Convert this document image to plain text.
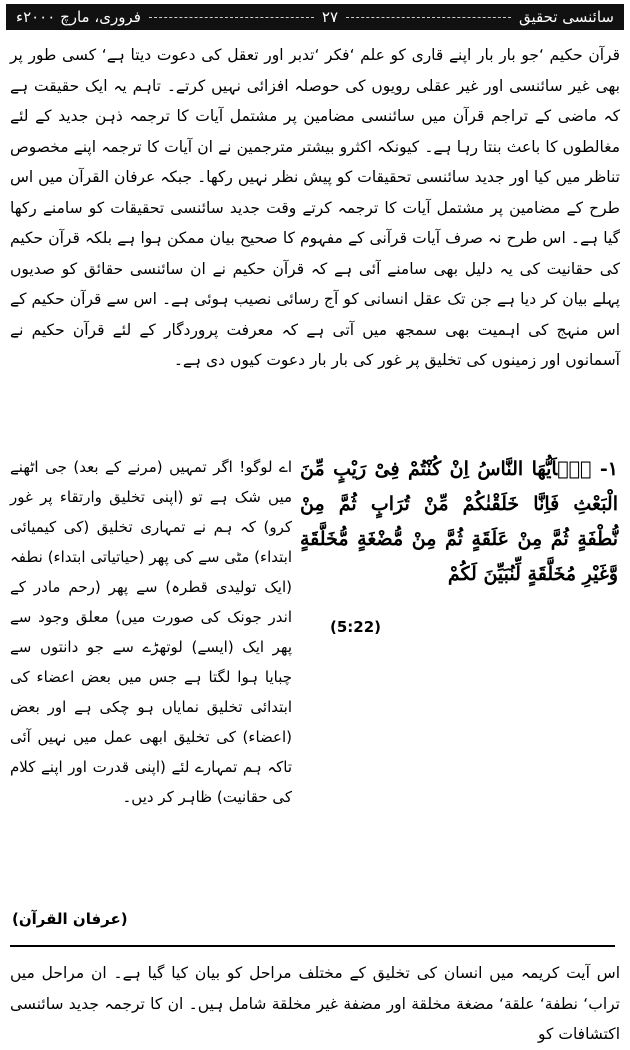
سائنسی تحقیق
۲۷
فروری، مارچ ۲۰۰۰ء
قرآن حکیم ‘جو بار بار اپنے قاری کو علم ‘فکر ‘تدبر اور تعقل کی دعوت دیتا ہے‘ کسی طور پر بھی غیر سائنسی اور غیر عقلی رویوں کی حوصلہ افزائی نہیں کرتے۔ تاہم یہ ایک حقیقت ہے کہ ماضی کے تراجم قرآن میں سائنسی مضامین پر مشتمل آیات کا ترجمہ ذہن جدید کے لئے مغالطوں کا باعث بنتا رہا ہے۔ کیونکہ اکثرو بیشتر مترجمین نے ان آیات کا ترجمہ اپنے مخصوص تناظر میں کیا اور جدید سائنسی تحقیقات کو پیش نظر نہیں رکھا۔ جبکہ عرفان القرآن میں اس طرح کے مضامین پر مشتمل آیات کا ترجمہ کرتے وقت جدید سائنسی تحقیقات کو سامنے رکھا گیا ہے۔ اس طرح نہ صرف آیات قرآنی کے مفہوم کا صحیح بیان ممکن ہوا ہے بلکہ قرآن حکیم کی حقانیت کی یہ دلیل بھی سامنے آئی ہے کہ قرآن حکیم نے ان سائنسی حقائق کو صدیوں پہلے بیان کر دیا ہے جن تک عقل انسانی کو آج رسائی نصیب ہوئی ہے۔ اس سے قرآن حکیم کے اس منہج کی اہمیت بھی سمجھ میں آتی ہے کہ معرفت پروردگار کے لئے قرآن حکیم نے آسمانوں اور زمینوں کی تخلیق پر غور کی بار بار دعوت کیوں دی ہے۔
۱- يٰۤاَيُّهَا النَّاسُ اِنْ كُنْتُمْ فِیْ رَيْبٍ مِّنَ الْبَعْثِ فَاِنَّا خَلَقْنٰكُمْ مِّنْ تُرَابٍ ثُمَّ مِنْ نُّطْفَةٍ ثُمَّ مِنْ عَلَقَةٍ ثُمَّ مِنْ مُّضْغَةٍ مُّخَلَّقَةٍ وَّغَيْرِ مُخَلَّقَةٍ لِّنُبَيِّنَ لَكُمْ
(5:22)
اے لوگو! اگر تمہیں (مرنے کے بعد) جی اٹھنے میں شک ہے تو (اپنی تخلیق وارتقاء پر غور کرو) کہ ہم نے تمہاری تخلیق (کی کیمیائی ابتداء) مٹی سے کی پھر (حیاتیاتی ابتداء) نطفہ (ایک تولیدی قطرہ) سے پھر (رحم مادر کے اندر جونک کی صورت میں) معلق وجود سے پھر ایک (ایسے) لوتھڑے سے جو دانتوں سے چبایا ہوا لگتا ہے جس میں بعض اعضاء کی ابتدائی تخلیق نمایاں ہو چکی ہے اور بعض (اعضاء) کی تخلیق ابھی عمل میں نہیں آئی تاکہ ہم تمہارے لئے (اپنی قدرت اور اپنے کلام کی حقانیت) ظاہر کر دیں۔
(عرفان القرآن)
اس آیت کریمہ میں انسان کی تخلیق کے مختلف مراحل کو بیان کیا گیا ہے۔ ان مراحل میں تراب‘ نطفة‘ علقة‘ مضغة مخلقة اور مضفة غیر مخلقة شامل ہیں۔ ان کا ترجمہ جدید سائنسی اکتشافات کو
